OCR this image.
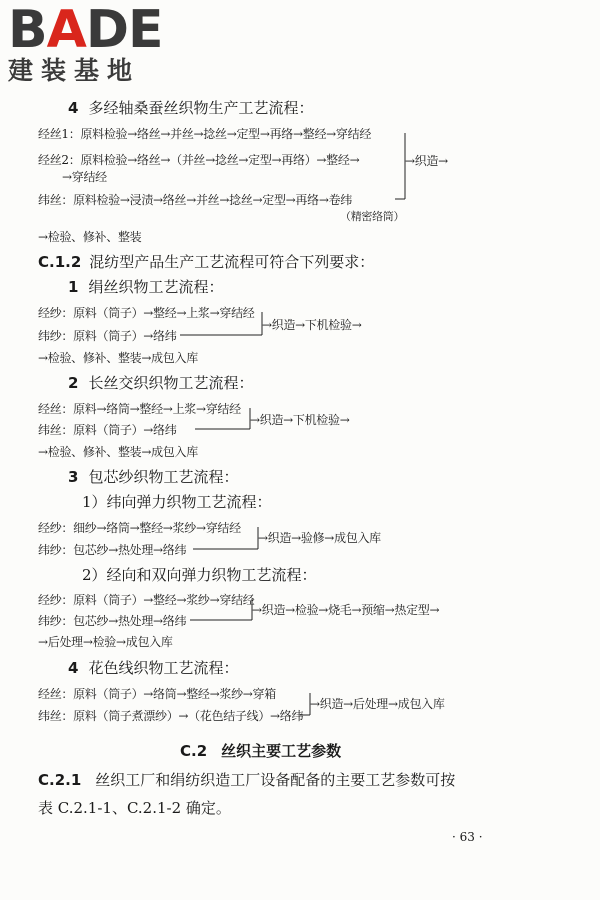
BADE
建装基地
4 多经轴桑蚕丝织物生产工艺流程：
经丝1：原料检验→络丝→并丝→捻丝→定型→再络→整经→穿结经
经丝2：原料检验→络丝→（并丝→捻丝→定型→再络）→整经→
→穿结经
纬丝：原料检验→浸渍→络丝→并丝→捻丝→定型→再络→卷纬
（精密络筒）
→织造→
→检验、修补、整装
C.1.2 混纺型产品生产工艺流程可符合下列要求：
1 绢丝织物工艺流程：
经纱：原料（筒子）→整经→上浆→穿结经
纬纱：原料（筒子）→络纬
→织造→下机检验→
→检验、修补、整装→成包入库
2 长丝交织织物工艺流程：
经丝：原料→络筒→整经→上浆→穿结经
纬丝：原料（筒子）→络纬
→织造→下机检验→
→检验、修补、整装→成包入库
3 包芯纱织物工艺流程：
1）纬向弹力织物工艺流程：
经纱：细纱→络筒→整经→浆纱→穿结经
纬纱：包芯纱→热处理→络纬
→织造→验修→成包入库
2）经向和双向弹力织物工艺流程：
经纱：原料（筒子）→整经→浆纱→穿结经
纬纱：包芯纱→热处理→络纬
→织造→检验→烧毛→预缩→热定型→
→后处理→检验→成包入库
4 花色线织物工艺流程：
经丝：原料（筒子）→络筒→整经→浆纱→穿箱
纬丝：原料（筒子煮漂纱）→（花色结子线）→络纬
→织造→后处理→成包入库
C.2 丝织主要工艺参数
C.2.1 丝织工厂和绢纺织造工厂设备配备的主要工艺参数可按
表 C.2.1-1、C.2.1-2 确定。
· 63 ·
